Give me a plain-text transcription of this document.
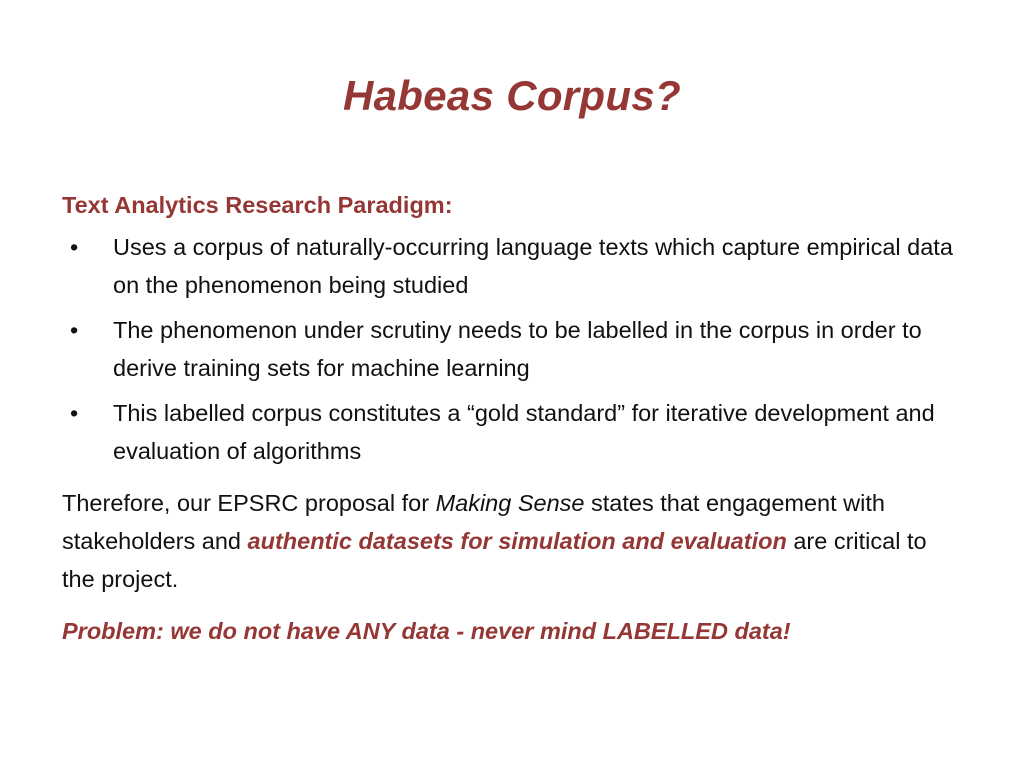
Habeas Corpus?
Text Analytics Research Paradigm:
• Uses a corpus of naturally-occurring language texts which capture empirical data on the phenomenon being studied
• The phenomenon under scrutiny needs to be labelled in the corpus in order to derive training sets for machine learning
• This labelled corpus constitutes a “gold standard” for iterative development and evaluation of algorithms

Therefore, our EPSRC proposal for Making Sense states that engagement with stakeholders and authentic datasets for simulation and evaluation are critical to the project.

Problem: we do not have ANY data - never mind LABELLED data!
